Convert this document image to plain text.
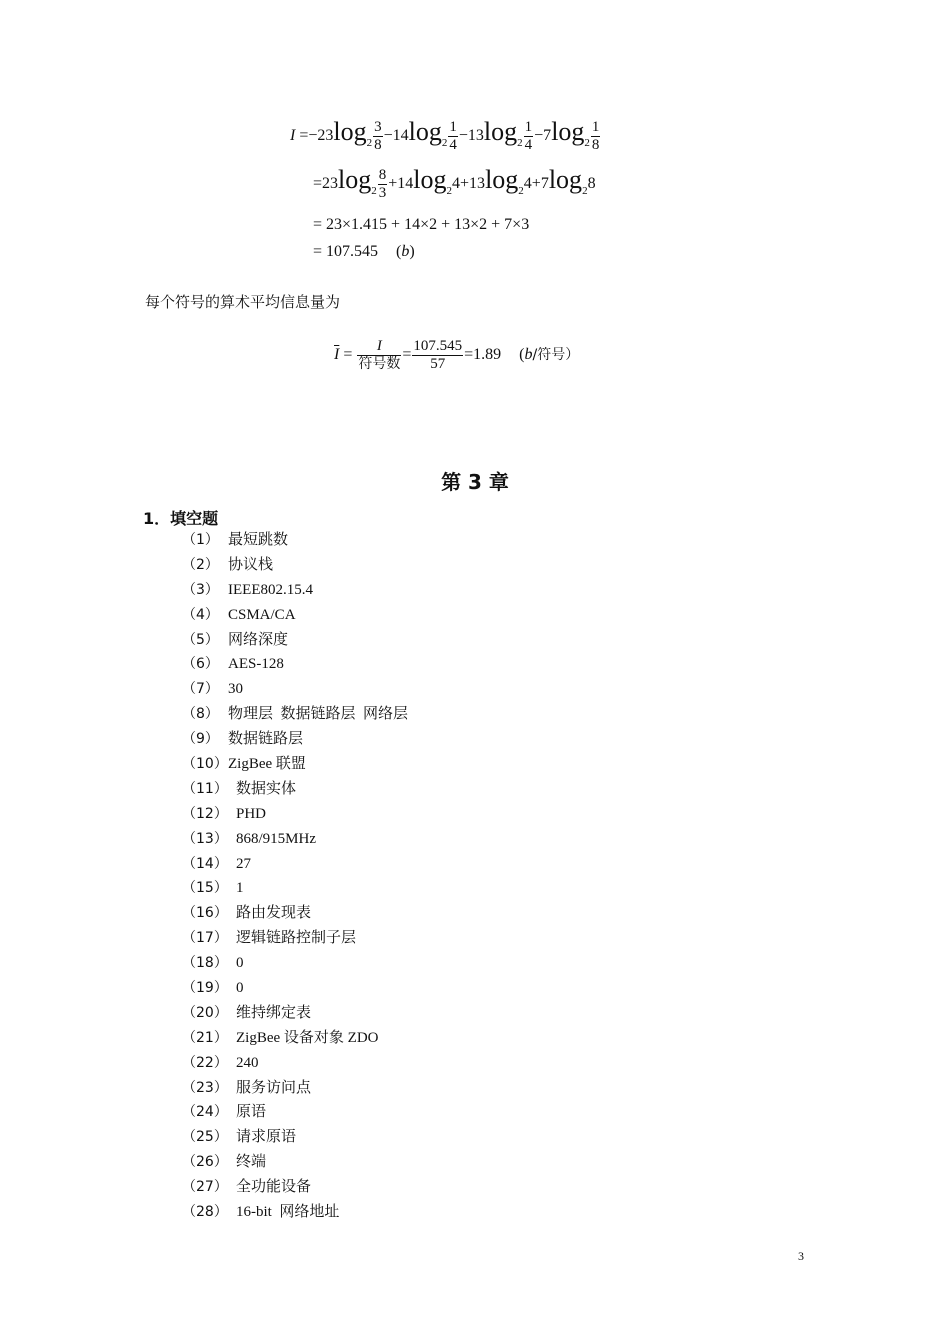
$I =-23\log_2 \frac{3}{8} -14\log_2 \frac{1}{4} -13\log_2 \frac{1}{4} -7\log_2 \frac{1}{8}$
$=23\log_2 \frac{8}{3} +14\log_24+13\log_24+7\log_28$
= 23×1.415 + 14×2 + 13×2 + 7×3
= 107.545 (b)
每个符号的算术平均信息量为
$\overline{I} = \frac{I}{\text{符号数}} = \frac{107.545}{57} =1.89$ (b/符号）
第 3 章
1．填空题
（1） 最短跳数
（2） 协议栈
（3） IEEE802.15.4
（4） CSMA/CA
（5） 网络深度
（6） AES-128
（7） 30
（8） 物理层  数据链路层  网络层
（9） 数据链路层
（10）ZigBee 联盟
（11） 数据实体
（12） PHD
（13） 868/915MHz
（14） 27
（15） 1
（16） 路由发现表
（17） 逻辑链路控制子层
（18） 0
（19） 0
（20） 维持绑定表
（21） ZigBee 设备对象 ZDO
（22） 240
（23） 服务访问点
（24） 原语
（25） 请求原语
（26） 终端
（27） 全功能设备
（28） 16-bit  网络地址
3
